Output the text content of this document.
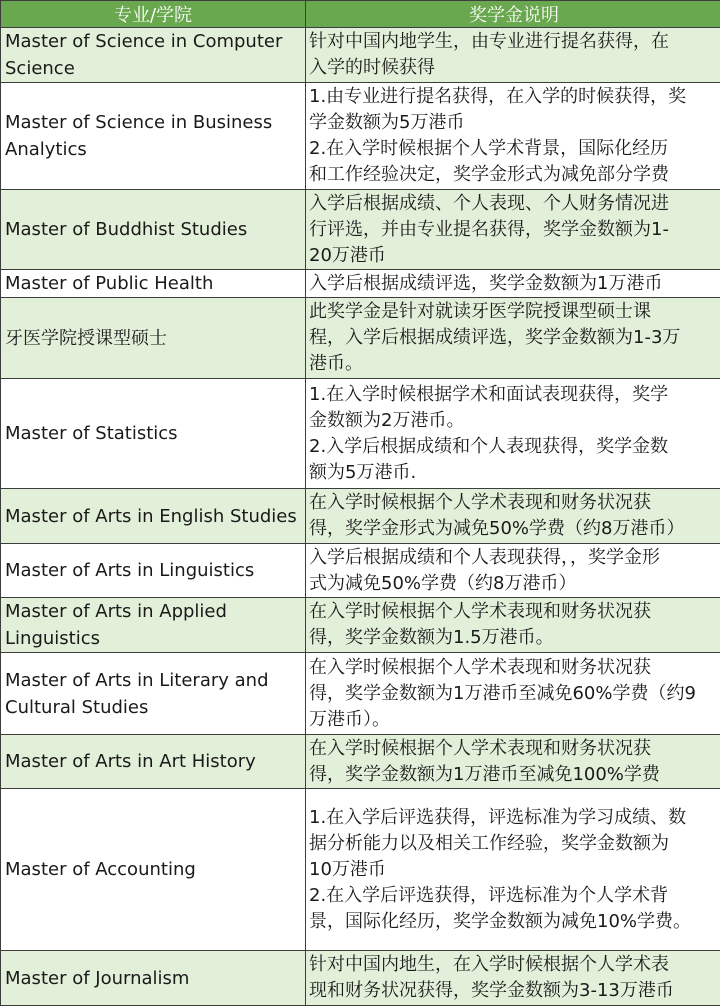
专业/学院	奖学金说明
Master of Science in Computer Science	针对中国内地学生，由专业进行提名获得，在
入学的时候获得

Master of Science in Business Analytics	1.由专业进行提名获得，在入学的时候获得，奖
学金数额为5万港币
2.在入学时候根据个人学术背景，国际化经历
和工作经验决定，奖学金形式为减免部分学费

Master of Buddhist Studies	入学后根据成绩、个人表现、个人财务情况进
行评选，并由专业提名获得，奖学金数额为1-
20万港币

Master of Public Health	入学后根据成绩评选，奖学金数额为1万港币

牙医学院授课型硕士	此奖学金是针对就读牙医学院授课型硕士课
程，入学后根据成绩评选，奖学金数额为1-3万
港币。

Master of Statistics	1.在入学时候根据学术和面试表现获得，奖学
金数额为2万港币。
2.入学后根据成绩和个人表现获得，奖学金数
额为5万港币.

Master of Arts in English Studies	在入学时候根据个人学术表现和财务状况获
得，奖学金形式为减免50%学费（约8万港币）

Master of Arts in Linguistics	入学后根据成绩和个人表现获得，，奖学金形
式为减免50%学费（约8万港币）

Master of Arts in Applied Linguistics	在入学时候根据个人学术表现和财务状况获
得，奖学金数额为1.5万港币。

Master of Arts in Literary and Cultural Studies	在入学时候根据个人学术表现和财务状况获
得，奖学金数额为1万港币至减免60%学费（约9
万港币）。

Master of Arts in Art History	在入学时候根据个人学术表现和财务状况获
得，奖学金数额为1万港币至减免100%学费

Master of Accounting	1.在入学后评选获得，评选标准为学习成绩、数
据分析能力以及相关工作经验，奖学金数额为
10万港币
2.在入学后评选获得，评选标准为个人学术背
景，国际化经历，奖学金数额为减免10%学费。

Master of Journalism	针对中国内地生，在入学时候根据个人学术表
现和财务状况获得，奖学金数额为3-13万港币
